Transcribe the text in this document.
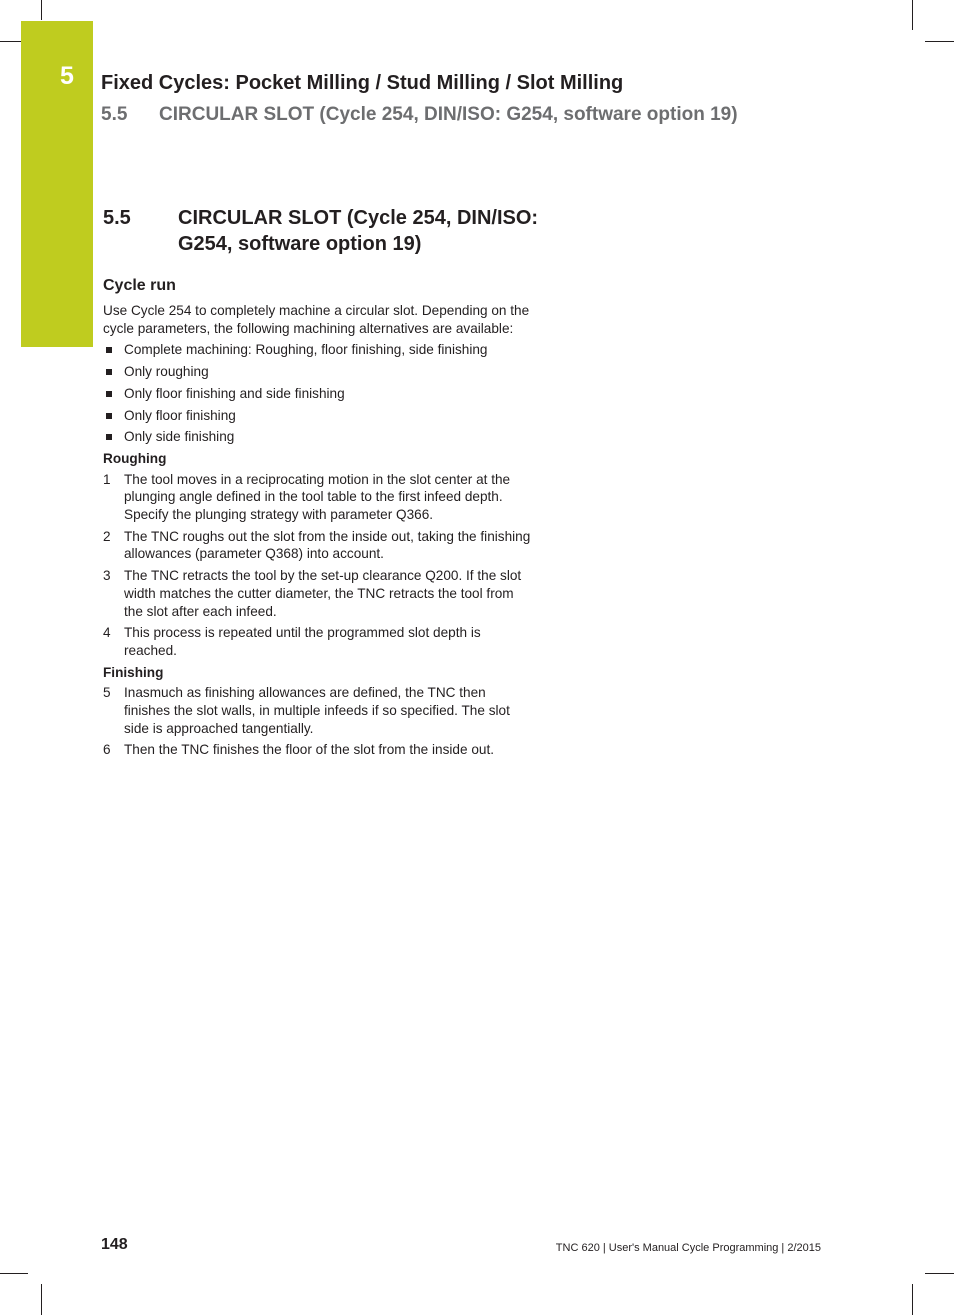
5 Fixed Cycles: Pocket Milling / Stud Milling / Slot Milling
5.5 CIRCULAR SLOT (Cycle 254, DIN/ISO: G254, software option 19)
5.5 CIRCULAR SLOT (Cycle 254, DIN/ISO: G254, software option 19)
Cycle run

Use Cycle 254 to completely machine a circular slot. Depending on the cycle parameters, the following machining alternatives are available:

Complete machining: Roughing, floor finishing, side finishing
Only roughing
Only floor finishing and side finishing
Only floor finishing
Only side finishing
Roughing
1 The tool moves in a reciprocating motion in the slot center at the plunging angle defined in the tool table to the first infeed depth. Specify the plunging strategy with parameter Q366.
2 The TNC roughs out the slot from the inside out, taking the finishing allowances (parameter Q368) into account.
3 The TNC retracts the tool by the set-up clearance Q200. If the slot width matches the cutter diameter, the TNC retracts the tool from the slot after each infeed.
4 This process is repeated until the programmed slot depth is reached.
Finishing
5 Inasmuch as finishing allowances are defined, the TNC then finishes the slot walls, in multiple infeeds if so specified. The slot side is approached tangentially.
6 Then the TNC finishes the floor of the slot from the inside out.
148	TNC 620 | User's Manual Cycle Programming | 2/2015
